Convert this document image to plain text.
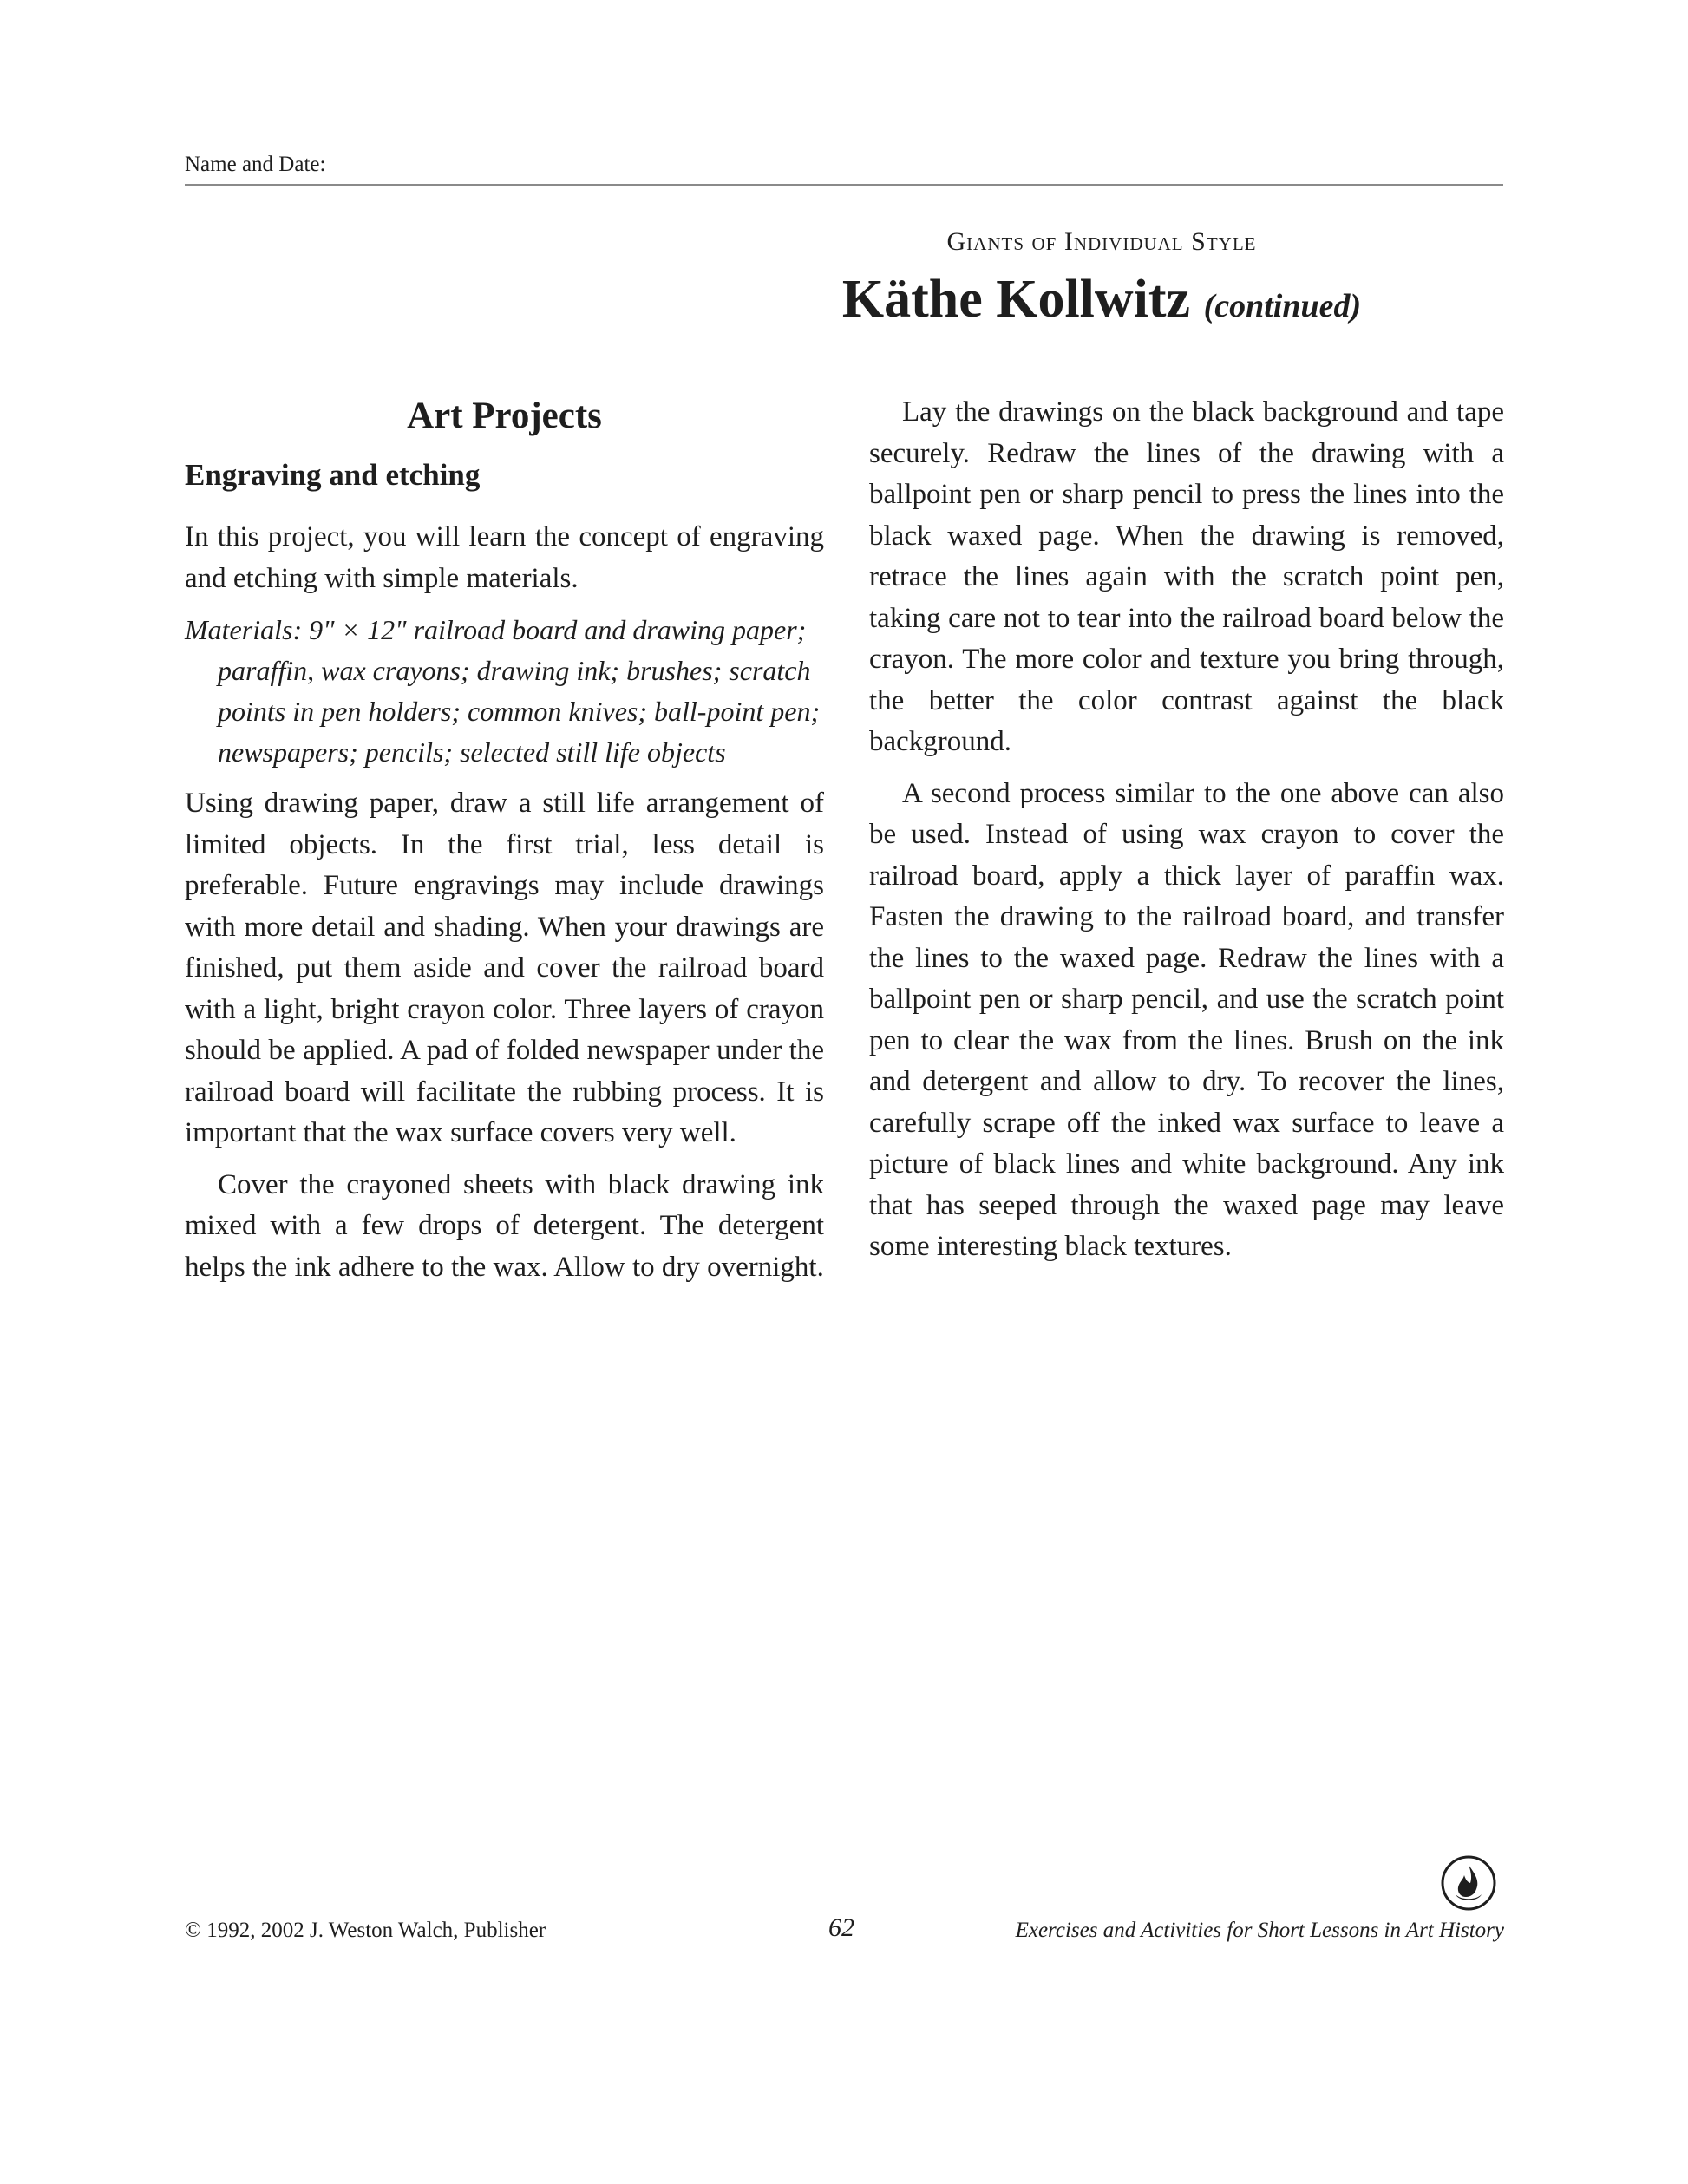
Name and Date:
Giants of Individual Style
Käthe Kollwitz (continued)
Art Projects
Engraving and etching

In this project, you will learn the concept of engraving and etching with simple materials.

Materials: 9" × 12" railroad board and drawing paper; paraffin, wax crayons; drawing ink; brushes; scratch points in pen holders; common knives; ball-point pen; newspapers; pencils; selected still life objects

Using drawing paper, draw a still life arrangement of limited objects. In the first trial, less detail is preferable. Future engravings may include drawings with more detail and shading. When your drawings are finished, put them aside and cover the railroad board with a light, bright crayon color. Three layers of crayon should be applied. A pad of folded newspaper under the railroad board will facilitate the rubbing process. It is important that the wax surface covers very well.

Cover the crayoned sheets with black drawing ink mixed with a few drops of detergent. The detergent helps the ink adhere to the wax. Allow to dry overnight.

Lay the drawings on the black background and tape securely. Redraw the lines of the drawing with a ballpoint pen or sharp pencil to press the lines into the black waxed page. When the drawing is removed, retrace the lines again with the scratch point pen, taking care not to tear into the railroad board below the crayon. The more color and texture you bring through, the better the color contrast against the black background.

A second process similar to the one above can also be used. Instead of using wax crayon to cover the railroad board, apply a thick layer of paraffin wax. Fasten the drawing to the railroad board, and transfer the lines to the waxed page. Redraw the lines with a ballpoint pen or sharp pencil, and use the scratch point pen to clear the wax from the lines. Brush on the ink and detergent and allow to dry. To recover the lines, carefully scrape off the inked wax surface to leave a picture of black lines and white background. Any ink that has seeped through the waxed page may leave some interesting black textures.

© 1992, 2002 J. Weston Walch, Publisher	62	Exercises and Activities for Short Lessons in Art History
